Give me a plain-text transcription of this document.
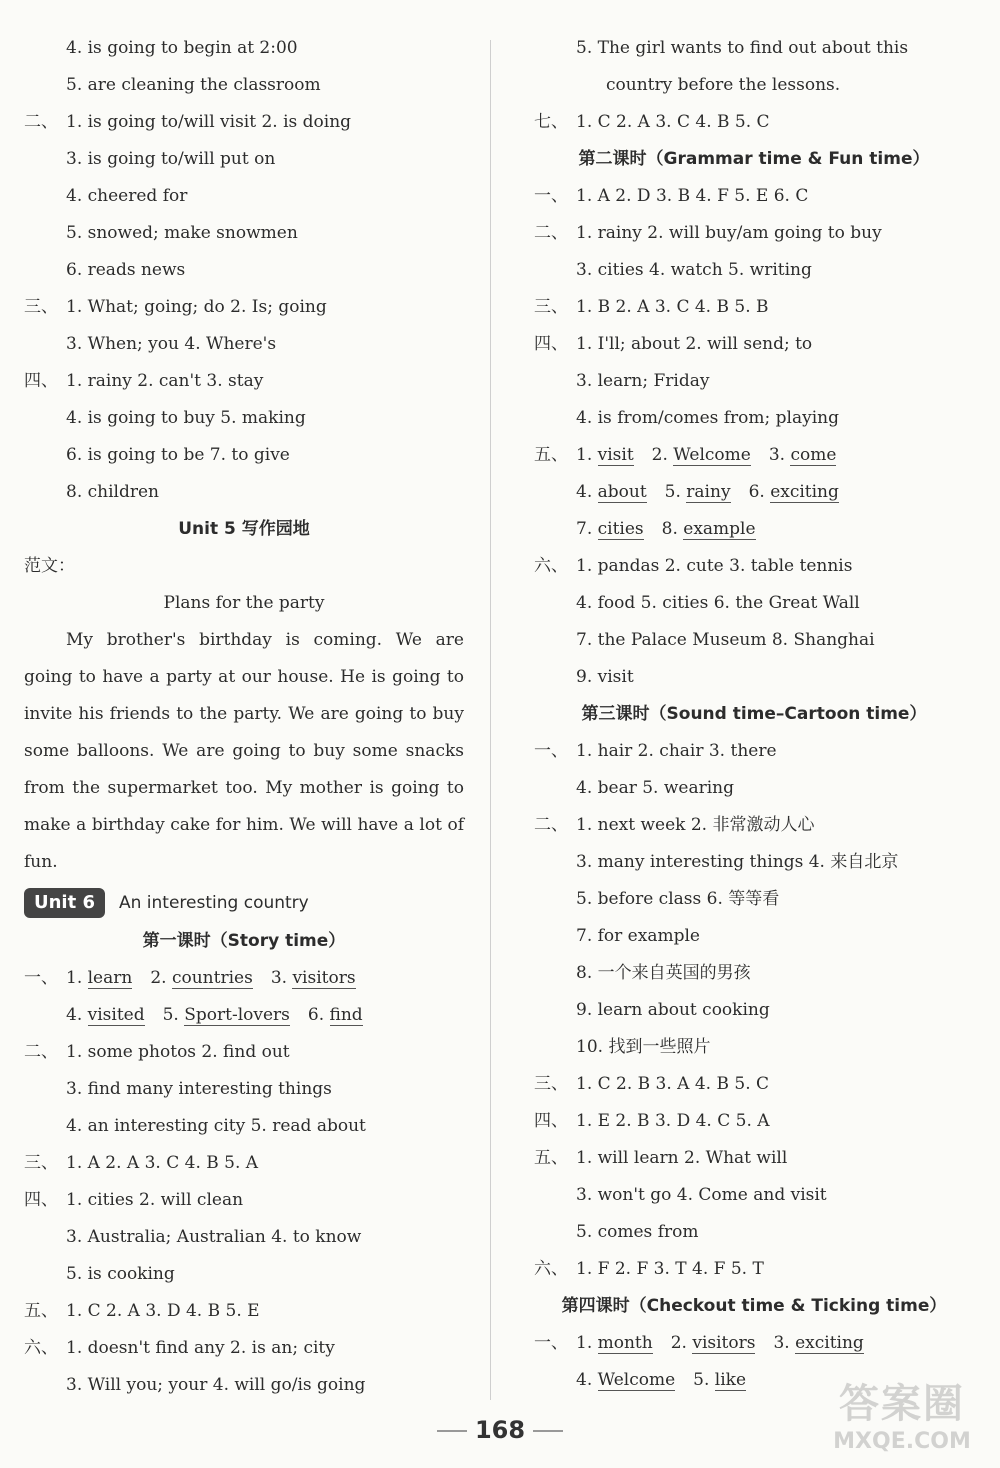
4. is going to begin at 2:00
5. are cleaning the classroom
二、 1. is going to/will visit 2. is doing
3. is going to/will put on
4. cheered for
5. snowed; make snowmen
6. reads news
三、 1. What; going; do 2. Is; going
3. When; you 4. Where's
四、 1. rainy 2. can't 3. stay
4. is going to buy 5. making
6. is going to be 7. to give
8. children
Unit 5 写作园地
范文：
Plans for the party

My brother's birthday is coming. We are going to have a party at our house. He is going to invite his friends to the party. We are going to buy some balloons. We are going to buy some snacks from the supermarket too. My mother is going to make a birthday cake for him. We will have a lot of fun.

Unit 6 An interesting country
第一课时（Story time）
一、 1. learn 2. countries 3. visitors
4. visited 5. Sport-lovers 6. find
二、 1. some photos 2. find out
3. find many interesting things
4. an interesting city 5. read about
三、 1. A 2. A 3. C 4. B 5. A
四、 1. cities 2. will clean
3. Australia; Australian 4. to know
5. is cooking
五、 1. C 2. A 3. D 4. B 5. E
六、 1. doesn't find any 2. is an; city
3. Will you; your 4. will go/is going
5. The girl wants to find out about this
country before the lessons.
七、 1. C 2. A 3. C 4. B 5. C
第二课时（Grammar time & Fun time）
一、 1. A 2. D 3. B 4. F 5. E 6. C
二、 1. rainy 2. will buy/am going to buy
3. cities 4. watch 5. writing
三、 1. B 2. A 3. C 4. B 5. B
四、 1. I'll; about 2. will send; to
3. learn; Friday
4. is from/comes from; playing
五、 1. visit 2. Welcome 3. come
4. about 5. rainy 6. exciting
7. cities 8. example
六、 1. pandas 2. cute 3. table tennis
4. food 5. cities 6. the Great Wall
7. the Palace Museum 8. Shanghai
9. visit
第三课时（Sound time–Cartoon time）
一、 1. hair 2. chair 3. there
4. bear 5. wearing
二、 1. next week 2. 非常激动人心
3. many interesting things 4. 来自北京
5. before class 6. 等等看
7. for example
8. 一个来自英国的男孩
9. learn about cooking
10. 找到一些照片
三、 1. C 2. B 3. A 4. B 5. C
四、 1. E 2. B 3. D 4. C 5. A
五、 1. will learn 2. What will
3. won't go 4. Come and visit
5. comes from
六、 1. F 2. F 3. T 4. F 5. T
第四课时（Checkout time & Ticking time）
一、 1. month 2. visitors 3. exciting
4. Welcome 5. like
168
答案圈
MXQE.COM
